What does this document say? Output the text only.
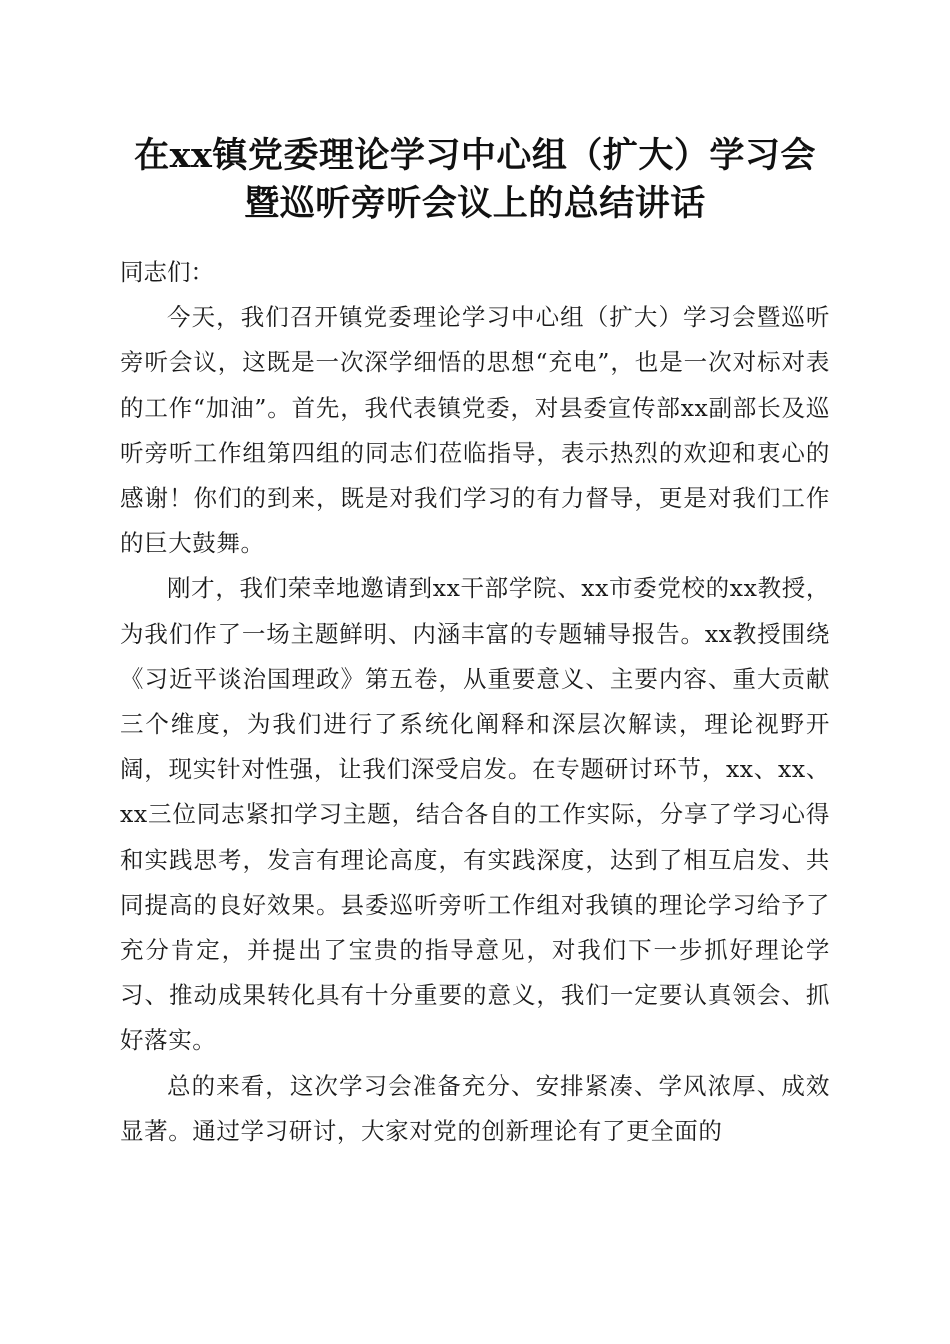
在xx镇党委理论学习中心组（扩大）学习会
暨巡听旁听会议上的总结讲话

同志们：

今天，我们召开镇党委理论学习中心组（扩大）学习会暨巡听旁听会议，这既是一次深学细悟的思想“充电”，也是一次对标对表的工作“加油”。首先，我代表镇党委，对县委宣传部xx副部长及巡听旁听工作组第四组的同志们莅临指导，表示热烈的欢迎和衷心的感谢！你们的到来，既是对我们学习的有力督导，更是对我们工作的巨大鼓舞。

刚才，我们荣幸地邀请到xx干部学院、xx市委党校的xx教授，为我们作了一场主题鲜明、内涵丰富的专题辅导报告。xx教授围绕《习近平谈治国理政》第五卷，从重要意义、主要内容、重大贡献三个维度，为我们进行了系统化阐释和深层次解读，理论视野开阔，现实针对性强，让我们深受启发。在专题研讨环节，xx、xx、xx三位同志紧扣学习主题，结合各自的工作实际，分享了学习心得和实践思考，发言有理论高度，有实践深度，达到了相互启发、共同提高的良好效果。县委巡听旁听工作组对我镇的理论学习给予了充分肯定，并提出了宝贵的指导意见，对我们下一步抓好理论学习、推动成果转化具有十分重要的意义，我们一定要认真领会、抓好落实。

总的来看，这次学习会准备充分、安排紧凑、学风浓厚、成效显著。通过学习研讨，大家对党的创新理论有了更全面的
